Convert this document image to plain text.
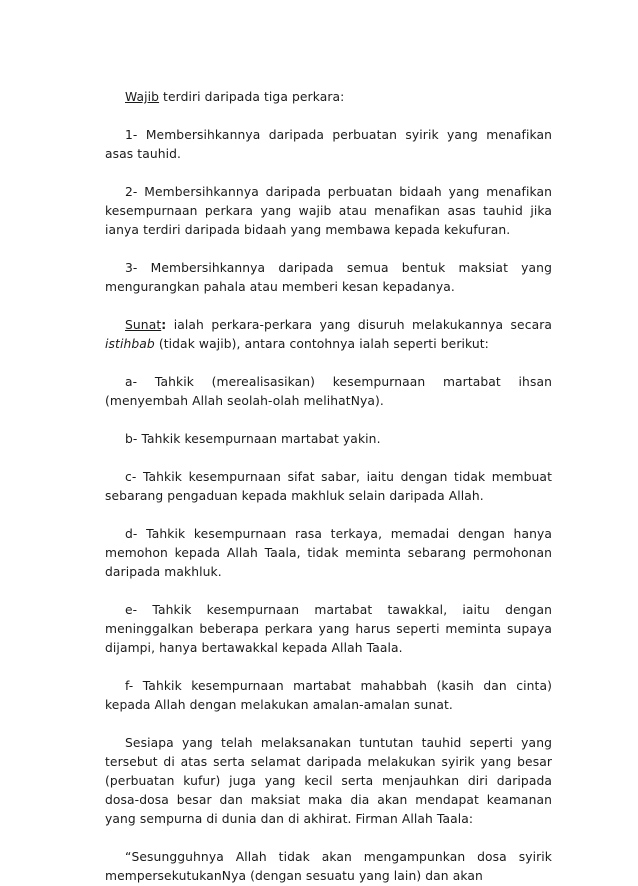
Wajib terdiri daripada tiga perkara:

1- Membersihkannya daripada perbuatan syirik yang menafikan asas tauhid.

2- Membersihkannya daripada perbuatan bidaah yang menafikan kesempurnaan perkara yang wajib atau menafikan asas tauhid jika ianya terdiri daripada bidaah yang membawa kepada kekufuran.

3- Membersihkannya daripada semua bentuk maksiat yang mengurangkan pahala atau memberi kesan kepadanya.

Sunat: ialah perkara-perkara yang disuruh melakukannya secara istihbab (tidak wajib), antara contohnya ialah seperti berikut:

a- Tahkik (merealisasikan) kesempurnaan martabat ihsan (menyembah Allah seolah-olah melihatNya).

b- Tahkik kesempurnaan martabat yakin.

c- Tahkik kesempurnaan sifat sabar, iaitu dengan tidak membuat sebarang pengaduan kepada makhluk selain daripada Allah.

d- Tahkik kesempurnaan rasa terkaya, memadai dengan hanya memohon kepada Allah Taala, tidak meminta sebarang permohonan daripada makhluk.

e- Tahkik kesempurnaan martabat tawakkal, iaitu dengan meninggalkan beberapa perkara yang harus seperti meminta supaya dijampi, hanya bertawakkal kepada Allah Taala.

f- Tahkik kesempurnaan martabat mahabbah (kasih dan cinta) kepada Allah dengan melakukan amalan-amalan sunat.

Sesiapa yang telah melaksanakan tuntutan tauhid seperti yang tersebut di atas serta selamat daripada melakukan syirik yang besar (perbuatan kufur) juga yang kecil serta menjauhkan diri daripada dosa-dosa besar dan maksiat maka dia akan mendapat keamanan yang sempurna di dunia dan di akhirat. Firman Allah Taala:

“Sesungguhnya Allah tidak akan mengampunkan dosa syirik mempersekutukanNya (dengan sesuatu yang lain) dan akan
